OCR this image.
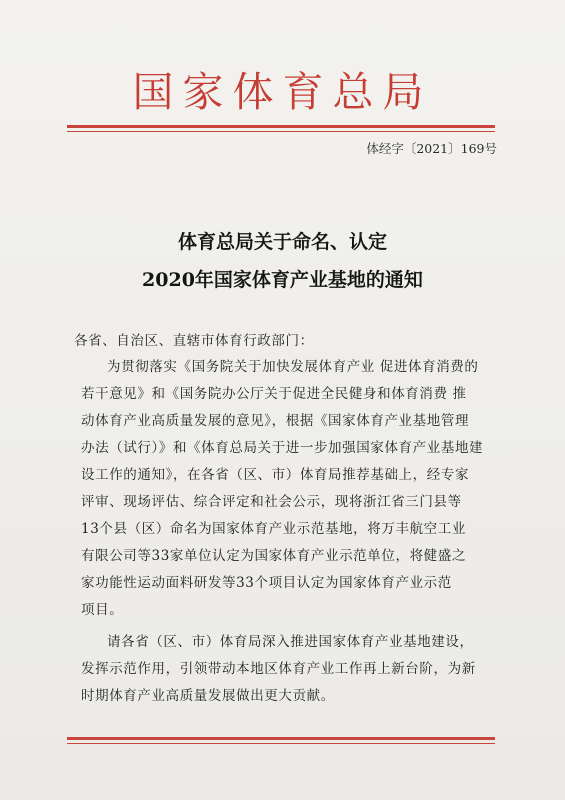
国家体育总局
体经字〔2021〕169号
体育总局关于命名、认定
2020年国家体育产业基地的通知
各省、自治区、直辖市体育行政部门：
为贯彻落实《国务院关于加快发展体育产业 促进体育消费的
若干意见》和《国务院办公厅关于促进全民健身和体育消费 推
动体育产业高质量发展的意见》，根据《国家体育产业基地管理
办法（试行）》和《体育总局关于进一步加强国家体育产业基地建
设工作的通知》，在各省（区、市）体育局推荐基础上，经专家
评审、现场评估、综合评定和社会公示，现将浙江省三门县等
13个县（区）命名为国家体育产业示范基地，将万丰航空工业
有限公司等33家单位认定为国家体育产业示范单位，将健盛之
家功能性运动面料研发等33个项目认定为国家体育产业示范
项目。
请各省（区、市）体育局深入推进国家体育产业基地建设，
发挥示范作用，引领带动本地区体育产业工作再上新台阶，为新
时期体育产业高质量发展做出更大贡献。
